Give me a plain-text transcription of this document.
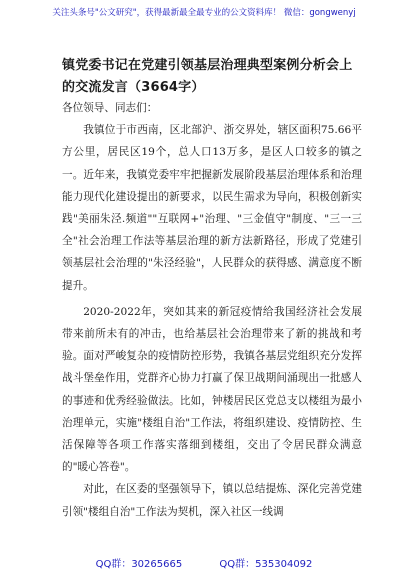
关注头条号"公文研究"，获得最新最全最专业的公文资料库！ 微信：gongwenyj
镇党委书记在党建引领基层治理典型案例分析会上的交流发言（3664字）

各位领导、同志们：

我镇位于市西南，区北部沪、浙交界处，辖区面积75.66平方公里，居民区19个，总人口13万多，是区人口较多的镇之一。近年来，我镇党委牢牢把握新发展阶段基层治理体系和治理能力现代化建设提出的新要求，以民生需求为导向，积极创新实践"美丽朱泾.频道""互联网+"治理、"三金值守"制度、"三一三全"社会治理工作法等基层治理的新方法新路径，形成了党建引领基层社会治理的"朱泾经验"，人民群众的获得感、满意度不断提升。

2020-2022年，突如其来的新冠疫情给我国经济社会发展带来前所未有的冲击，也给基层社会治理带来了新的挑战和考验。面对严峻复杂的疫情防控形势，我镇各基层党组织充分发挥战斗堡垒作用，党群齐心协力打赢了保卫战期间涌现出一批感人的事迹和优秀经验做法。比如，钟楼居民区党总支以楼组为最小治理单元，实施"楼组自治"工作法，将组织建设、疫情防控、生活保障等各项工作落实落细到楼组，交出了令居民群众满意的"暖心答卷"。

对此，在区委的坚强领导下，镇以总结提炼、深化完善党建引领"楼组自治"工作法为契机，深入社区一线调

QQ群：30265665	QQ群：535304092
